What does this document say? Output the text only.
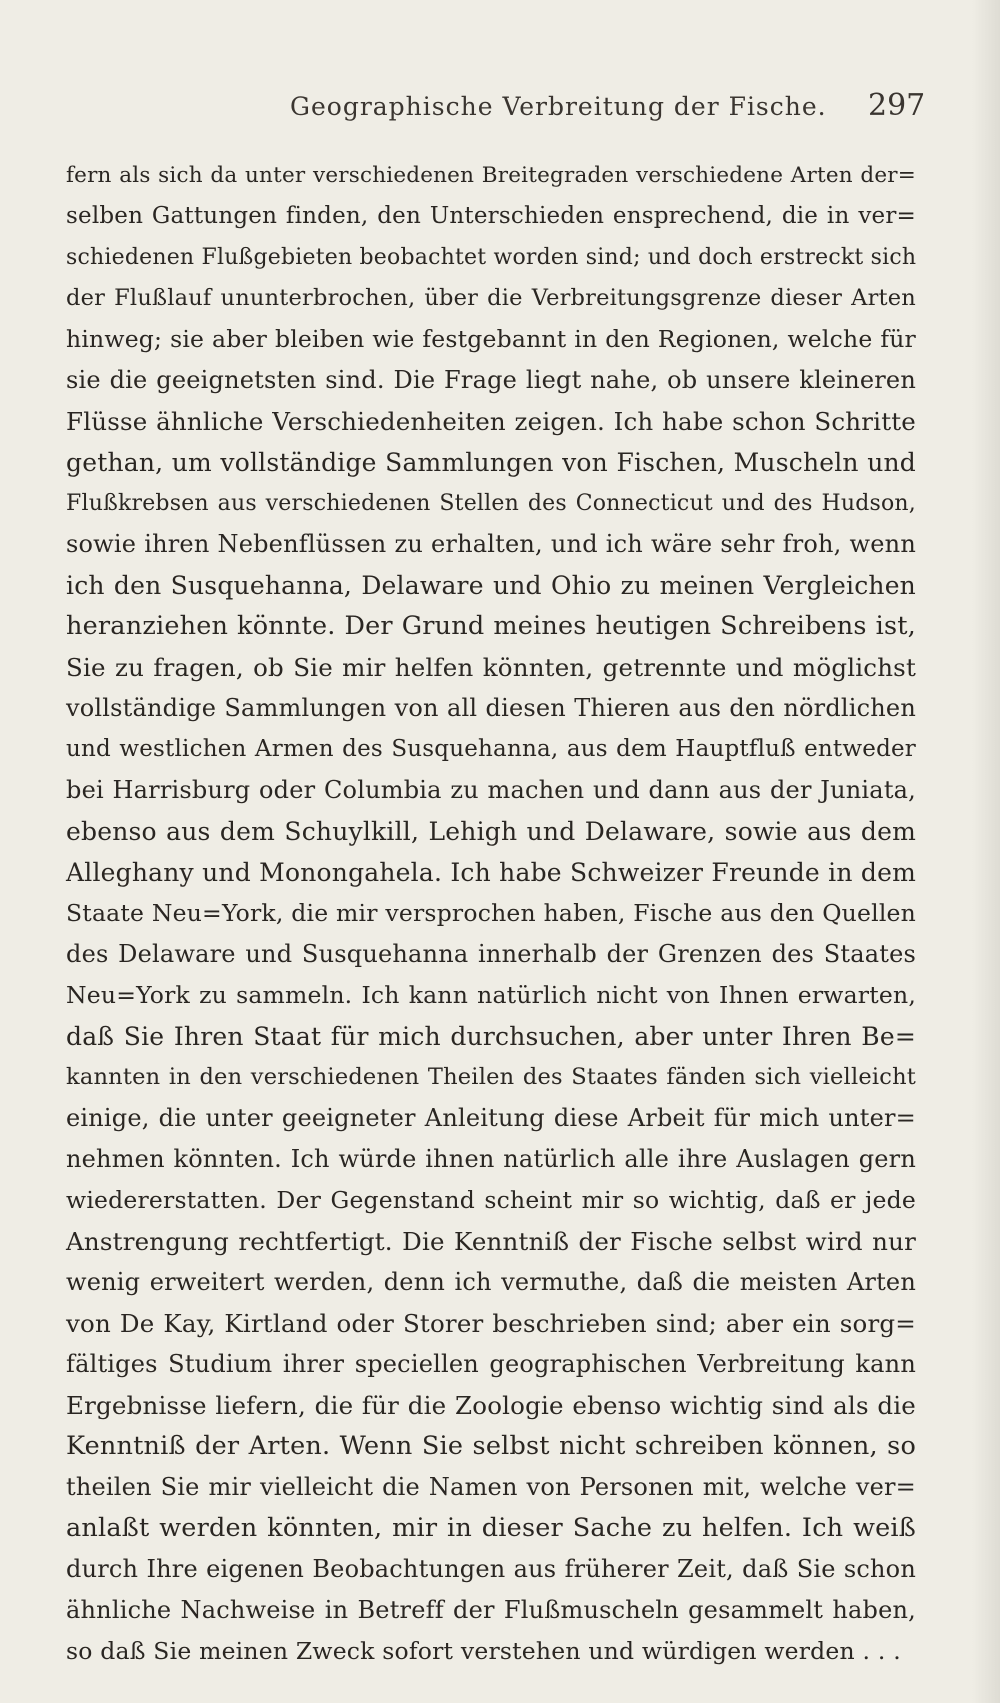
Geographische Verbreitung der Fische. 297
fern als sich da unter verschiedenen Breitegraden verschiedene Arten der=
selben Gattungen finden, den Unterschieden ensprechend, die in ver=
schiedenen Flußgebieten beobachtet worden sind; und doch erstreckt sich
der Flußlauf ununterbrochen, über die Verbreitungsgrenze dieser Arten
hinweg; sie aber bleiben wie festgebannt in den Regionen, welche für
sie die geeignetsten sind. Die Frage liegt nahe, ob unsere kleineren
Flüsse ähnliche Verschiedenheiten zeigen. Ich habe schon Schritte
gethan, um vollständige Sammlungen von Fischen, Muscheln und
Flußkrebsen aus verschiedenen Stellen des Connecticut und des Hudson,
sowie ihren Nebenflüssen zu erhalten, und ich wäre sehr froh, wenn
ich den Susquehanna, Delaware und Ohio zu meinen Vergleichen
heranziehen könnte. Der Grund meines heutigen Schreibens ist,
Sie zu fragen, ob Sie mir helfen könnten, getrennte und möglichst
vollständige Sammlungen von all diesen Thieren aus den nördlichen
und westlichen Armen des Susquehanna, aus dem Hauptfluß entweder
bei Harrisburg oder Columbia zu machen und dann aus der Juniata,
ebenso aus dem Schuylkill, Lehigh und Delaware, sowie aus dem
Alleghany und Monongahela. Ich habe Schweizer Freunde in dem
Staate Neu=York, die mir versprochen haben, Fische aus den Quellen
des Delaware und Susquehanna innerhalb der Grenzen des Staates
Neu=York zu sammeln. Ich kann natürlich nicht von Ihnen erwarten,
daß Sie Ihren Staat für mich durchsuchen, aber unter Ihren Be=
kannten in den verschiedenen Theilen des Staates fänden sich vielleicht
einige, die unter geeigneter Anleitung diese Arbeit für mich unter=
nehmen könnten. Ich würde ihnen natürlich alle ihre Auslagen gern
wiedererstatten. Der Gegenstand scheint mir so wichtig, daß er jede
Anstrengung rechtfertigt. Die Kenntniß der Fische selbst wird nur
wenig erweitert werden, denn ich vermuthe, daß die meisten Arten
von De Kay, Kirtland oder Storer beschrieben sind; aber ein sorg=
fältiges Studium ihrer speciellen geographischen Verbreitung kann
Ergebnisse liefern, die für die Zoologie ebenso wichtig sind als die
Kenntniß der Arten. Wenn Sie selbst nicht schreiben können, so
theilen Sie mir vielleicht die Namen von Personen mit, welche ver=
anlaßt werden könnten, mir in dieser Sache zu helfen. Ich weiß
durch Ihre eigenen Beobachtungen aus früherer Zeit, daß Sie schon
ähnliche Nachweise in Betreff der Flußmuscheln gesammelt haben,
so daß Sie meinen Zweck sofort verstehen und würdigen werden . . .
